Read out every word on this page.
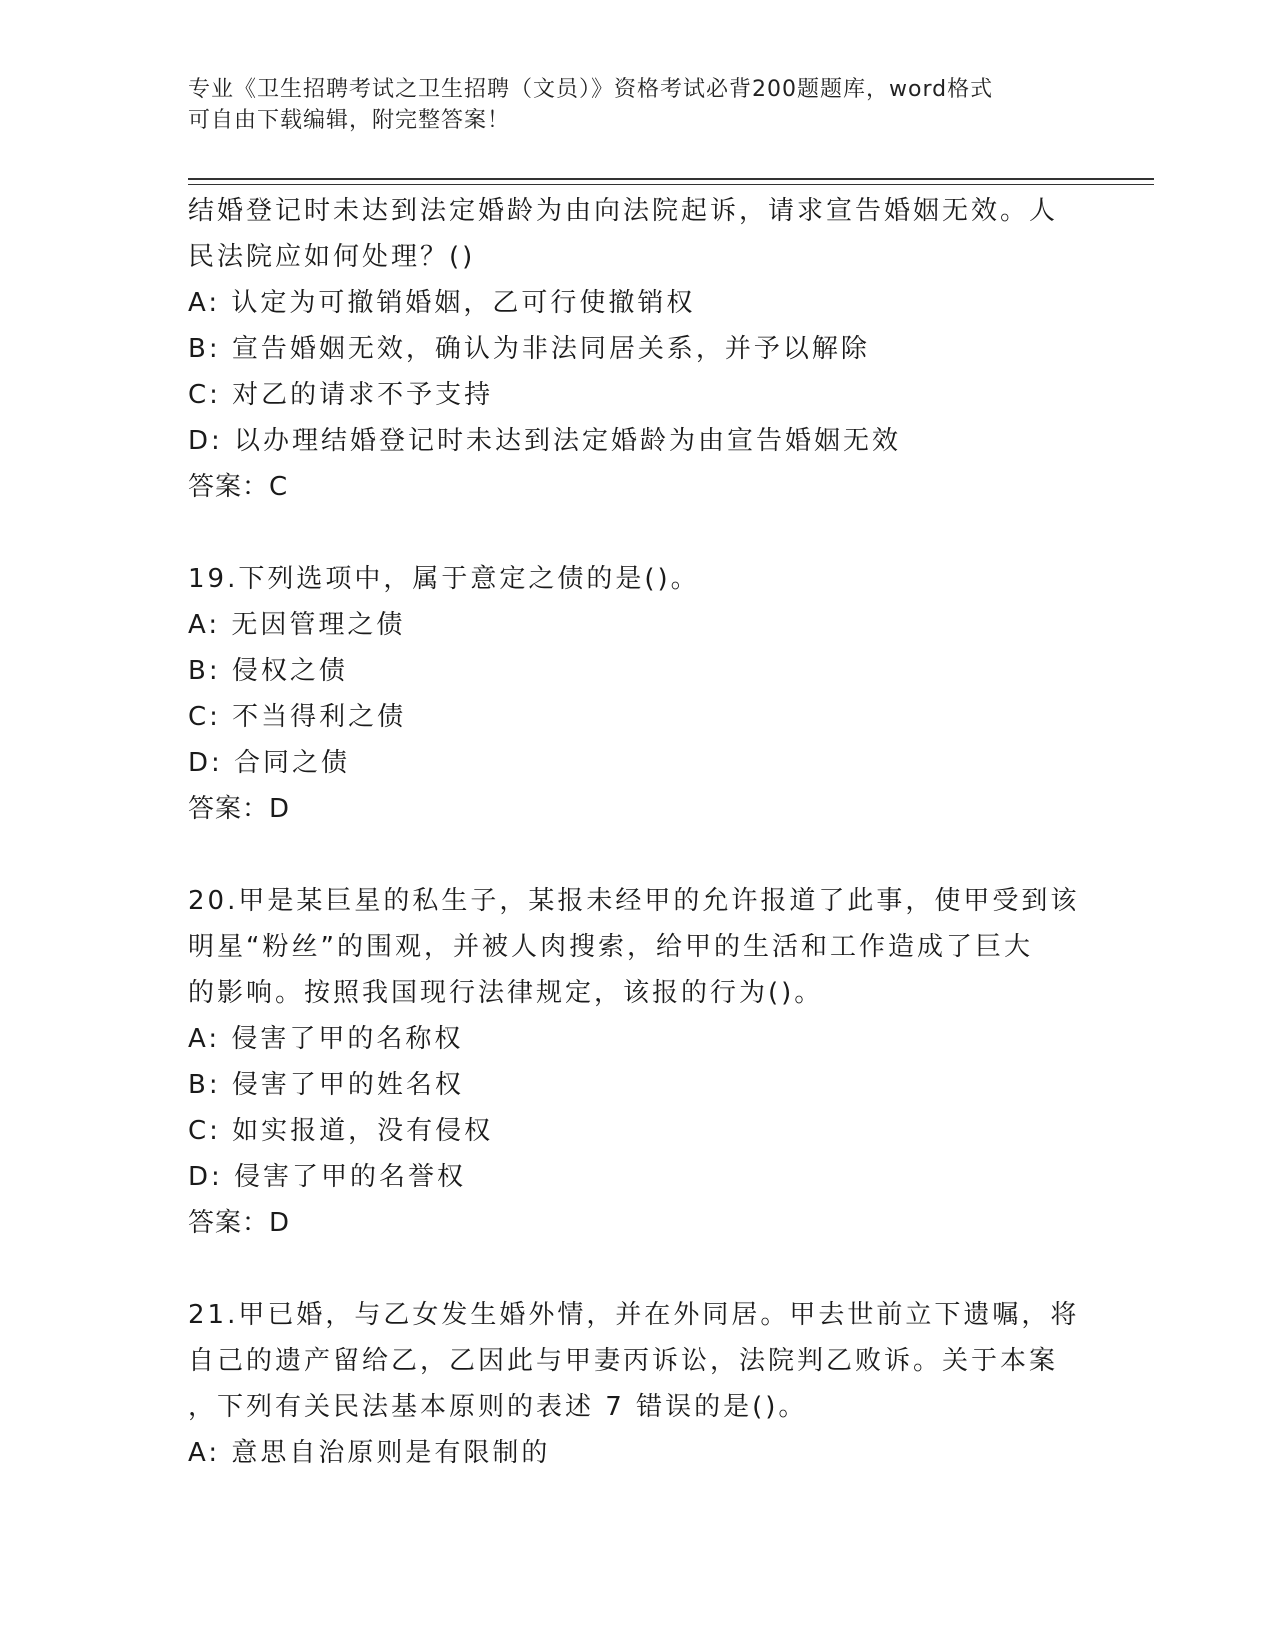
专业《卫生招聘考试之卫生招聘（文员）》资格考试必背200题题库，word格式
可自由下载编辑，附完整答案！
结婚登记时未达到法定婚龄为由向法院起诉，请求宣告婚姻无效。人
民法院应如何处理？()
A: 认定为可撤销婚姻，乙可行使撤销权
B: 宣告婚姻无效，确认为非法同居关系，并予以解除
C: 对乙的请求不予支持
D: 以办理结婚登记时未达到法定婚龄为由宣告婚姻无效
答案：C
19.下列选项中，属于意定之债的是()。
A: 无因管理之债
B: 侵权之债
C: 不当得利之债
D: 合同之债
答案：D
20.甲是某巨星的私生子，某报未经甲的允许报道了此事，使甲受到该
明星“粉丝”的围观，并被人肉搜索，给甲的生活和工作造成了巨大
的影响。按照我国现行法律规定，该报的行为()。
A: 侵害了甲的名称权
B: 侵害了甲的姓名权
C: 如实报道，没有侵权
D: 侵害了甲的名誉权
答案：D
21.甲已婚，与乙女发生婚外情，并在外同居。甲去世前立下遗嘱，将
自己的遗产留给乙，乙因此与甲妻丙诉讼，法院判乙败诉。关于本案
，下列有关民法基本原则的表述 7 错误的是()。
A: 意思自治原则是有限制的
